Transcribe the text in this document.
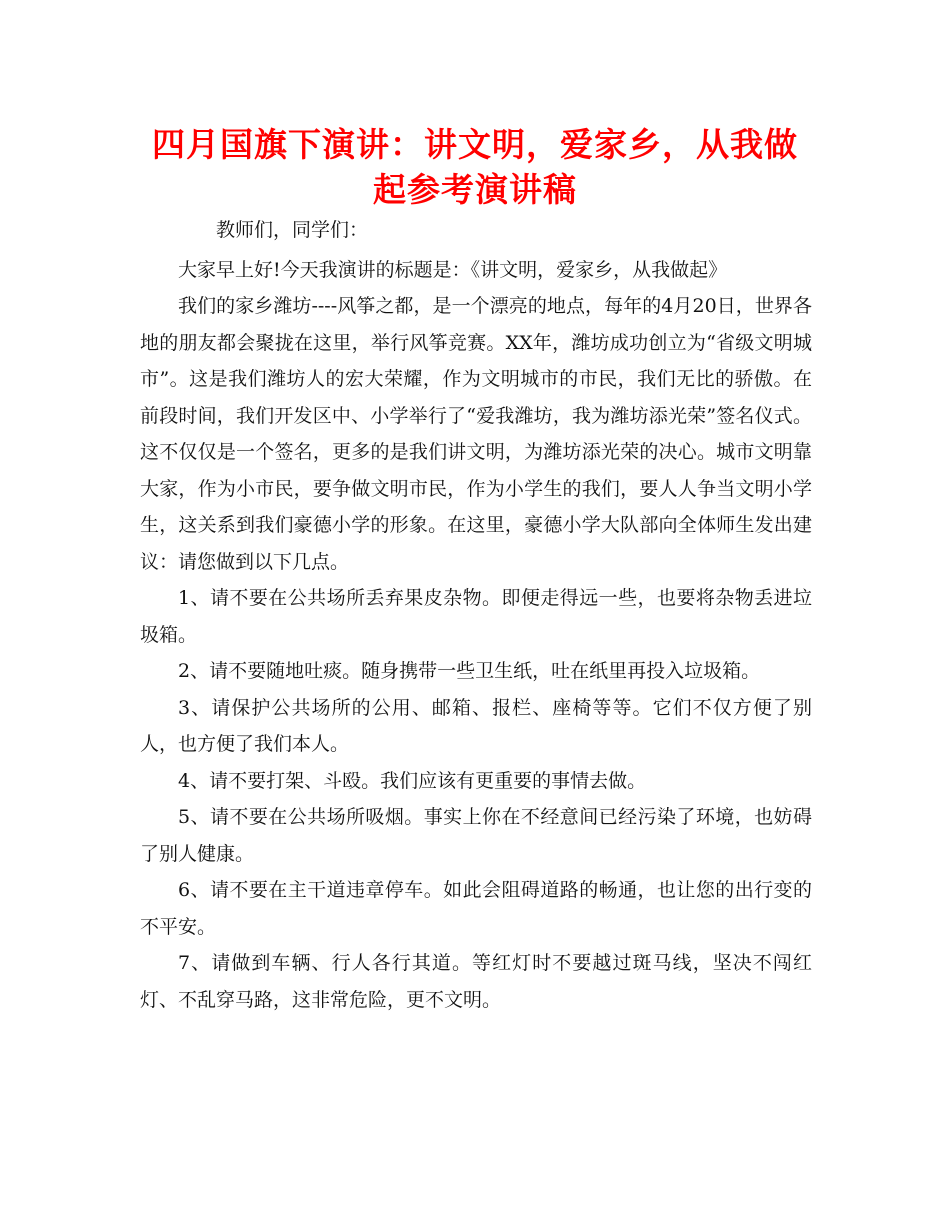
四月国旗下演讲：讲文明，爱家乡，从我做起参考演讲稿

教师们，同学们：

大家早上好!今天我演讲的标题是：《讲文明，爱家乡，从我做起》

我们的家乡潍坊----风筝之都，是一个漂亮的地点，每年的4月20日，世界各地的朋友都会聚拢在这里，举行风筝竞赛。XX年，潍坊成功创立为“省级文明城市”。这是我们潍坊人的宏大荣耀，作为文明城市的市民，我们无比的骄傲。在前段时间，我们开发区中、小学举行了“爱我潍坊，我为潍坊添光荣”签名仪式。这不仅仅是一个签名，更多的是我们讲文明，为潍坊添光荣的决心。城市文明靠大家，作为小市民，要争做文明市民，作为小学生的我们，要人人争当文明小学生，这关系到我们豪德小学的形象。在这里，豪德小学大队部向全体师生发出建议：请您做到以下几点。

1、请不要在公共场所丢弃果皮杂物。即便走得远一些，也要将杂物丢进垃圾箱。

2、请不要随地吐痰。随身携带一些卫生纸，吐在纸里再投入垃圾箱。

3、请保护公共场所的公用、邮箱、报栏、座椅等等。它们不仅方便了别人，也方便了我们本人。

4、请不要打架、斗殴。我们应该有更重要的事情去做。

5、请不要在公共场所吸烟。事实上你在不经意间已经污染了环境，也妨碍了别人健康。

6、请不要在主干道违章停车。如此会阻碍道路的畅通，也让您的出行变的不平安。

7、请做到车辆、行人各行其道。等红灯时不要越过斑马线，坚决不闯红灯、不乱穿马路，这非常危险，更不文明。
